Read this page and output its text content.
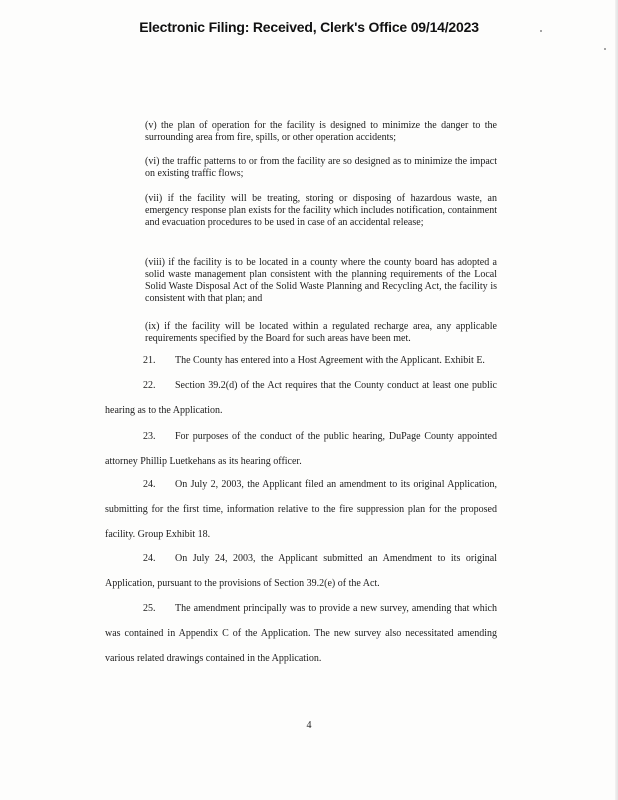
Electronic Filing: Received, Clerk's Office 09/14/2023
(v) the plan of operation for the facility is designed to minimize the danger to the surrounding area from fire, spills, or other operation accidents;
(vi) the traffic patterns to or from the facility are so designed as to minimize the impact on existing traffic flows;
(vii) if the facility will be treating, storing or disposing of hazardous waste, an emergency response plan exists for the facility which includes notification, containment and evacuation procedures to be used in case of an accidental release;
(viii) if the facility is to be located in a county where the county board has adopted a solid waste management plan consistent with the planning requirements of the Local Solid Waste Disposal Act of the Solid Waste Planning and Recycling Act, the facility is consistent with that plan; and
(ix) if the facility will be located within a regulated recharge area, any applicable requirements specified by the Board for such areas have been met.
21. The County has entered into a Host Agreement with the Applicant. Exhibit E.
22. Section 39.2(d) of the Act requires that the County conduct at least one public hearing as to the Application.
23. For purposes of the conduct of the public hearing, DuPage County appointed attorney Phillip Luetkehans as its hearing officer.
24. On July 2, 2003, the Applicant filed an amendment to its original Application, submitting for the first time, information relative to the fire suppression plan for the proposed facility. Group Exhibit 18.
24. On July 24, 2003, the Applicant submitted an Amendment to its original Application, pursuant to the provisions of Section 39.2(e) of the Act.
25. The amendment principally was to provide a new survey, amending that which was contained in Appendix C of the Application. The new survey also necessitated amending various related drawings contained in the Application.
4
